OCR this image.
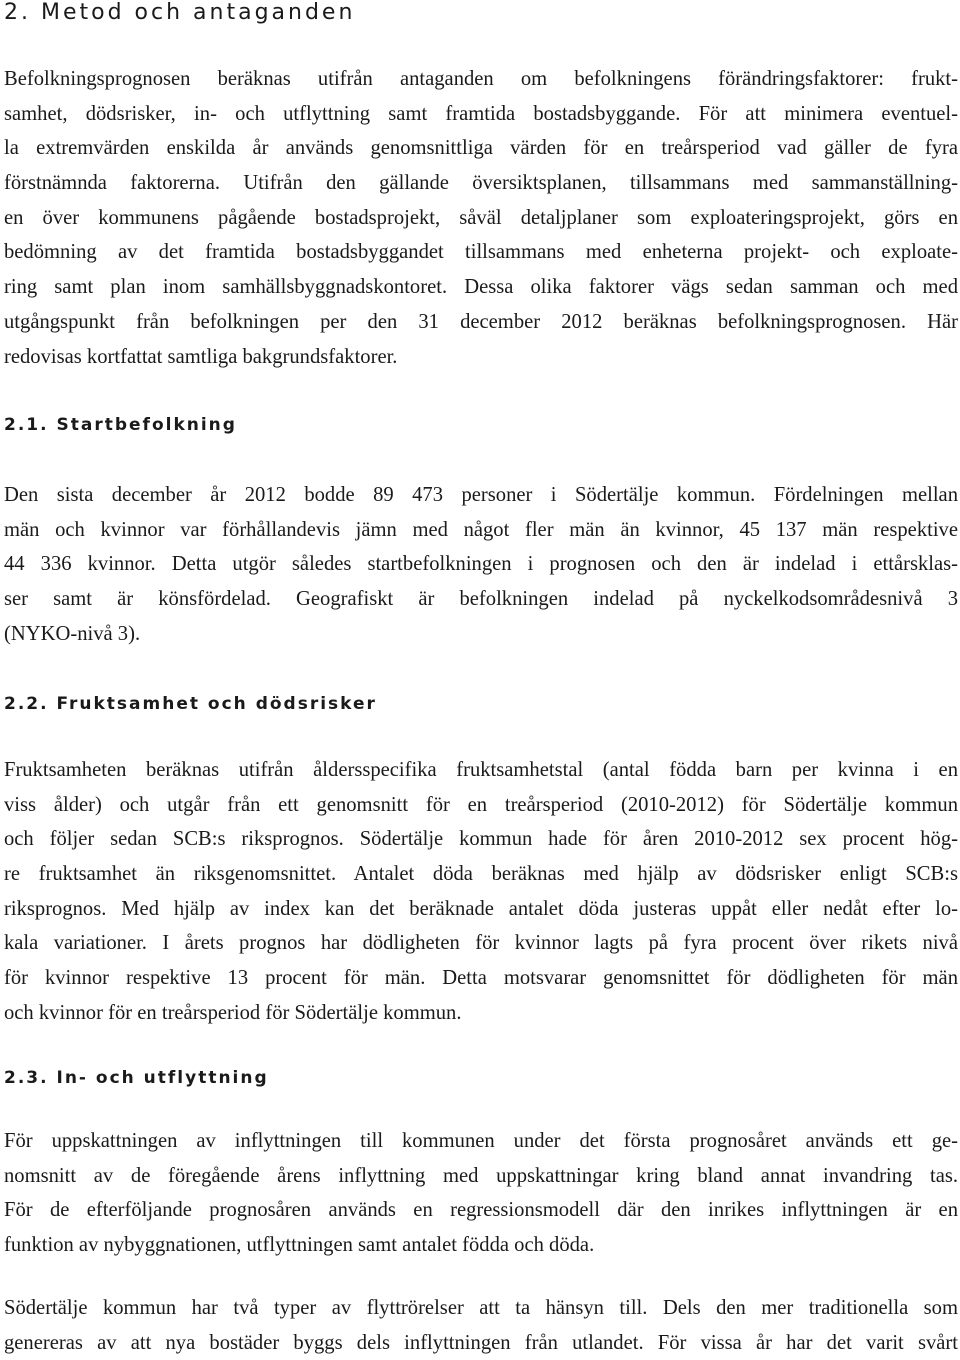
2. Metod och antaganden
Befolkningsprognosen beräknas utifrån antaganden om befolkningens förändringsfaktorer: frukt-
samhet, dödsrisker, in- och utflyttning samt framtida bostadsbyggande. För att minimera eventuel-
la extremvärden enskilda år används genomsnittliga värden för en treårsperiod vad gäller de fyra
förstnämnda faktorerna. Utifrån den gällande översiktsplanen, tillsammans med sammanställning-
en över kommunens pågående bostadsprojekt, såväl detaljplaner som exploateringsprojekt, görs en
bedömning av det framtida bostadsbyggandet tillsammans med enheterna projekt- och exploate-
ring samt plan inom samhällsbyggnadskontoret. Dessa olika faktorer vägs sedan samman och med
utgångspunkt från befolkningen per den 31 december 2012 beräknas befolkningsprognosen. Här
redovisas kortfattat samtliga bakgrundsfaktorer.
2.1. Startbefolkning
Den sista december år 2012 bodde 89 473 personer i Södertälje kommun. Fördelningen mellan
män och kvinnor var förhållandevis jämn med något fler män än kvinnor, 45 137 män respektive
44 336 kvinnor. Detta utgör således startbefolkningen i prognosen och den är indelad i ettårsklas-
ser samt är könsfördelad. Geografiskt är befolkningen indelad på nyckelkodsområdesnivå 3
(NYKO-nivå 3).
2.2. Fruktsamhet och dödsrisker
Fruktsamheten beräknas utifrån åldersspecifika fruktsamhetstal (antal födda barn per kvinna i en
viss ålder) och utgår från ett genomsnitt för en treårsperiod (2010-2012) för Södertälje kommun
och följer sedan SCB:s riksprognos. Södertälje kommun hade för åren 2010-2012 sex procent hög-
re fruktsamhet än riksgenomsnittet. Antalet döda beräknas med hjälp av dödsrisker enligt SCB:s
riksprognos. Med hjälp av index kan det beräknade antalet döda justeras uppåt eller nedåt efter lo-
kala variationer. I årets prognos har dödligheten för kvinnor lagts på fyra procent över rikets nivå
för kvinnor respektive 13 procent för män. Detta motsvarar genomsnittet för dödligheten för män
och kvinnor för en treårsperiod för Södertälje kommun.
2.3. In- och utflyttning
För uppskattningen av inflyttningen till kommunen under det första prognosåret används ett ge-
nomsnitt av de föregående årens inflyttning med uppskattningar kring bland annat invandring tas.
För de efterföljande prognosåren används en regressionsmodell där den inrikes inflyttningen är en
funktion av nybyggnationen, utflyttningen samt antalet födda och döda.
Södertälje kommun har två typer av flyttrörelser att ta hänsyn till. Dels den mer traditionella som
genereras av att nya bostäder byggs dels inflyttningen från utlandet. För vissa år har det varit svårt
